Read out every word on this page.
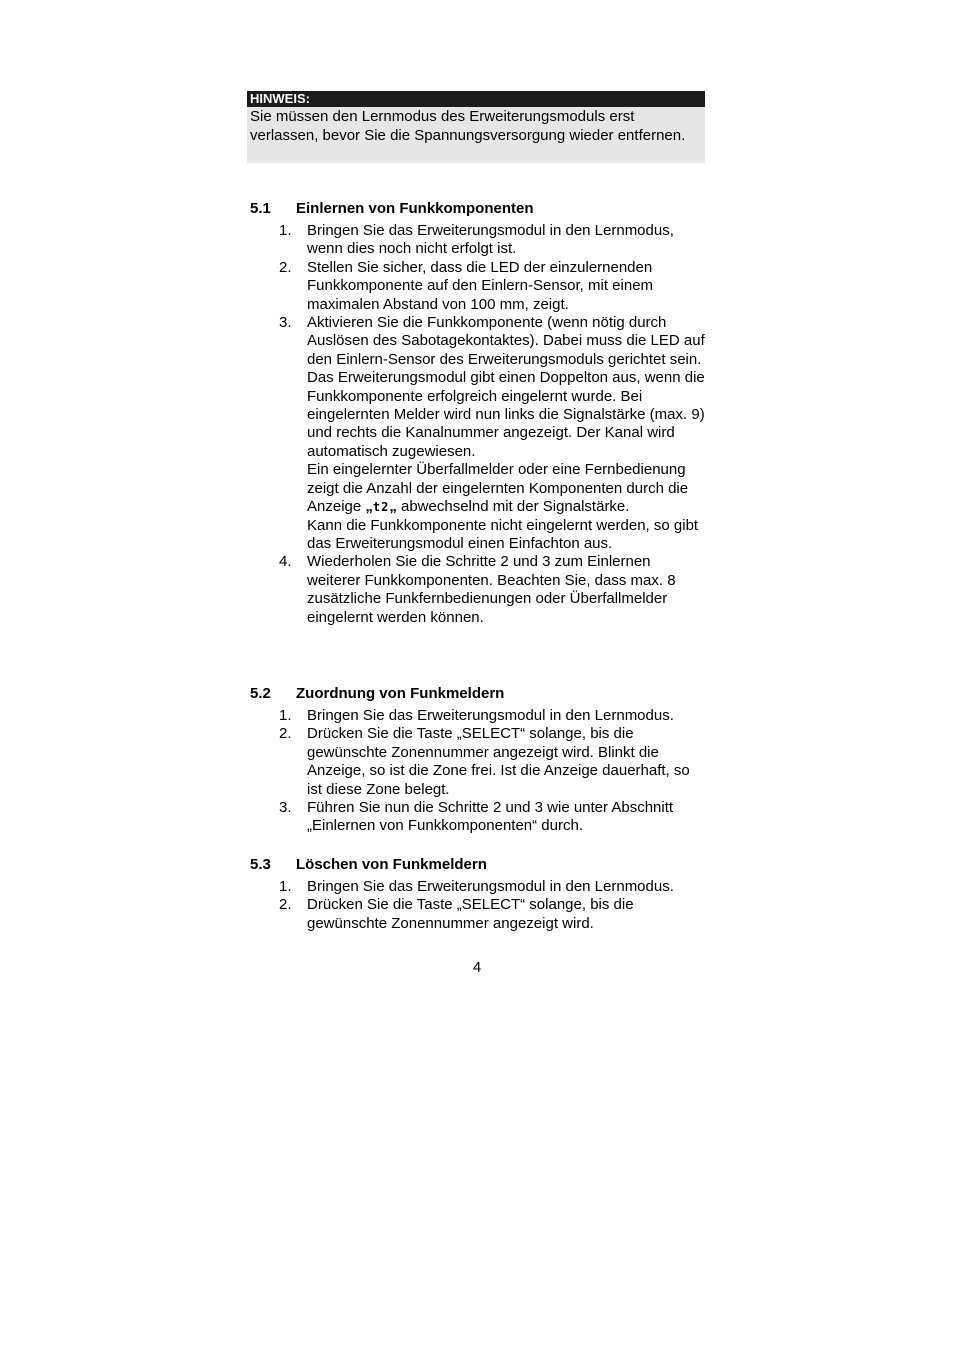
HINWEIS:
Sie müssen den Lernmodus des Erweiterungsmoduls erst verlassen, bevor Sie die Spannungsversorgung wieder entfernen.
5.1 Einlernen von Funkkomponenten
1. Bringen Sie das Erweiterungsmodul in den Lernmodus, wenn dies noch nicht erfolgt ist.
2. Stellen Sie sicher, dass die LED der einzulernenden Funkkomponente auf den Einlern-Sensor, mit einem maximalen Abstand von 100 mm, zeigt.
3. Aktivieren Sie die Funkkomponente (wenn nötig durch Auslösen des Sabotagekontaktes). Dabei muss die LED auf den Einlern-Sensor des Erweiterungsmoduls gerichtet sein.
Das Erweiterungsmodul gibt einen Doppelton aus, wenn die Funkkomponente erfolgreich eingelernt wurde. Bei eingelernten Melder wird nun links die Signalstärke (max. 9) und rechts die Kanalnummer angezeigt. Der Kanal wird automatisch zugewiesen.
Ein eingelernter Überfallmelder oder eine Fernbedienung zeigt die Anzahl der eingelernten Komponenten durch die Anzeige „t2„ abwechselnd mit der Signalstärke.
Kann die Funkkomponente nicht eingelernt werden, so gibt das Erweiterungsmodul einen Einfachton aus.
4. Wiederholen Sie die Schritte 2 und 3 zum Einlernen weiterer Funkkomponenten. Beachten Sie, dass max. 8 zusätzliche Funkfernbedienungen oder Überfallmelder eingelernt werden können.
5.2 Zuordnung von Funkmeldern
1. Bringen Sie das Erweiterungsmodul in den Lernmodus.
2. Drücken Sie die Taste „SELECT“ solange, bis die gewünschte Zonennummer angezeigt wird. Blinkt die Anzeige, so ist die Zone frei. Ist die Anzeige dauerhaft, so ist diese Zone belegt.
3. Führen Sie nun die Schritte 2 und 3 wie unter Abschnitt „Einlernen von Funkkomponenten“ durch.
5.3 Löschen von Funkmeldern
1. Bringen Sie das Erweiterungsmodul in den Lernmodus.
2. Drücken Sie die Taste „SELECT“ solange, bis die gewünschte Zonennummer angezeigt wird.
4
